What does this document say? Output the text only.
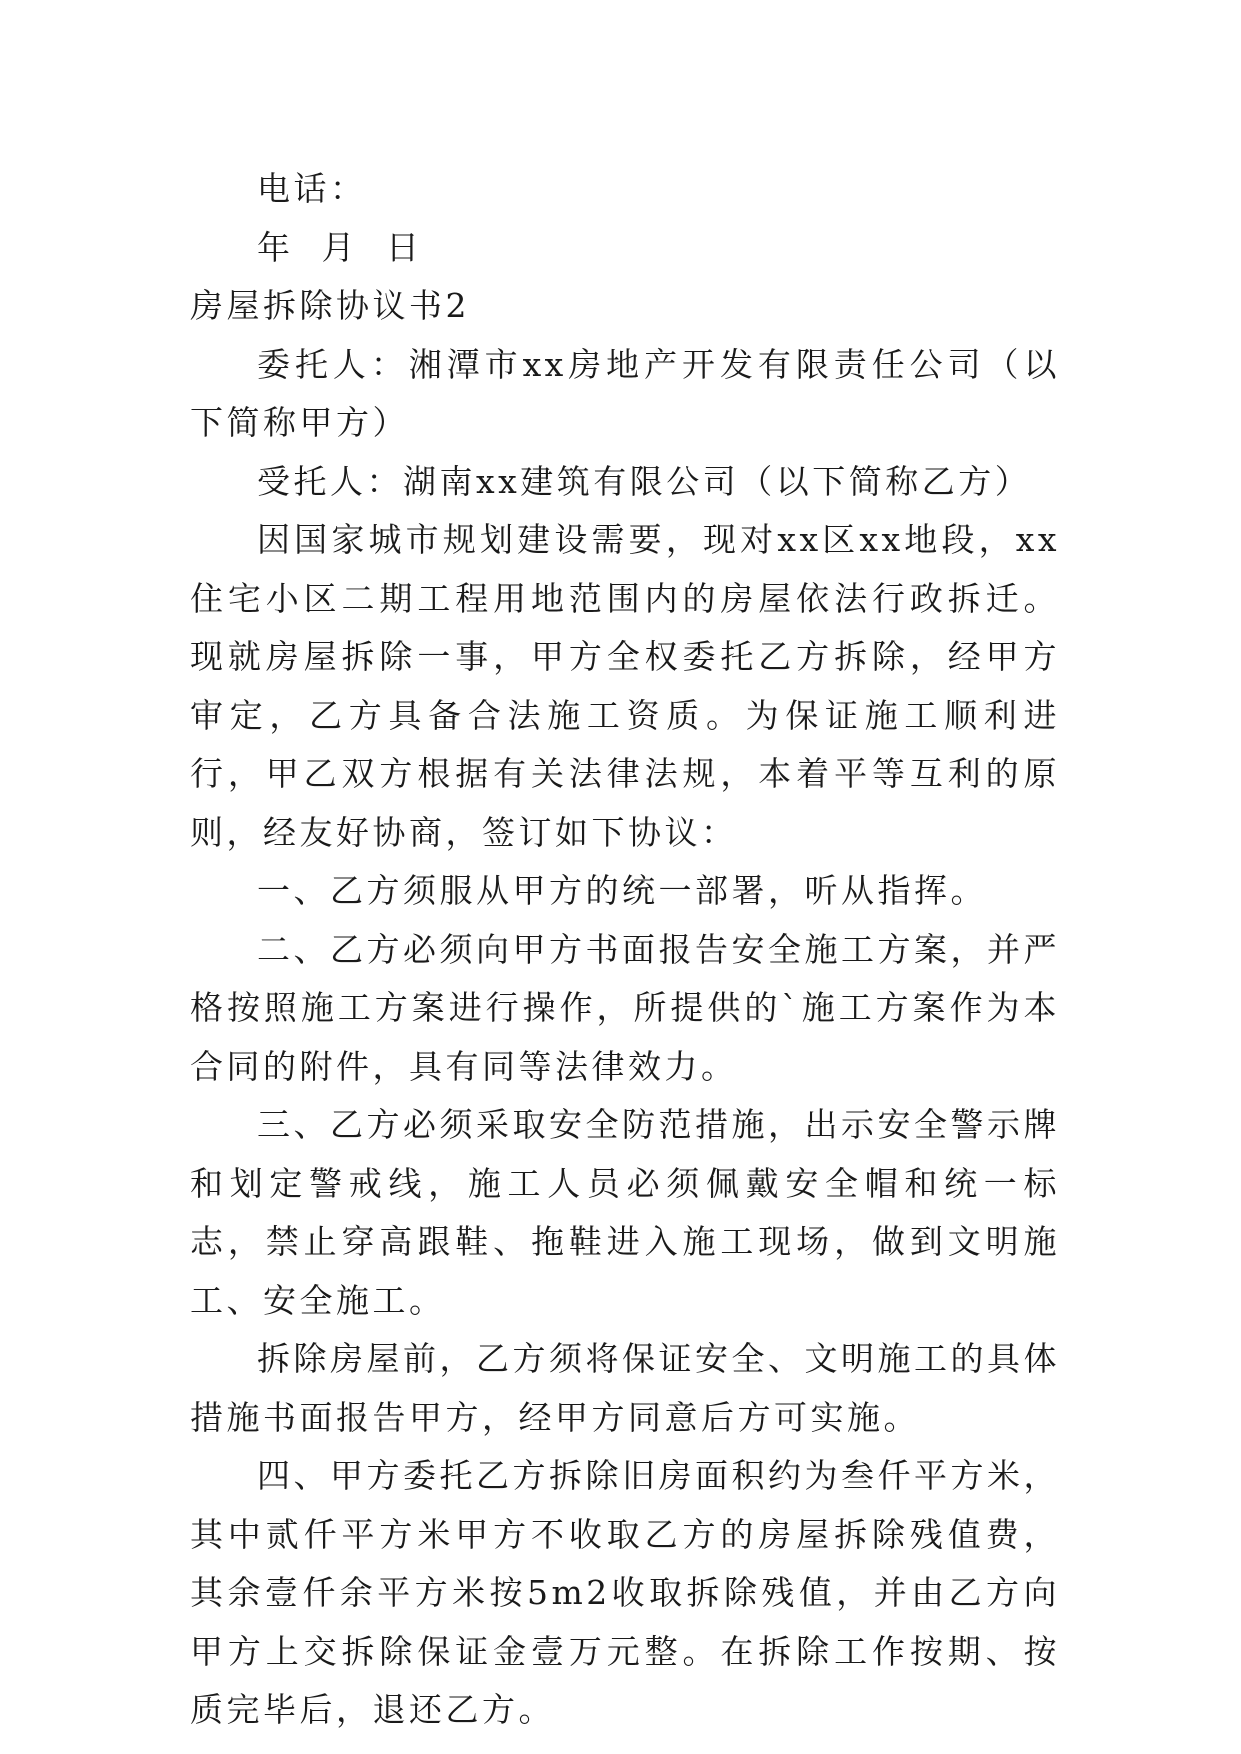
电话：

年 月 日

房屋拆除协议书2

委托人：湘潭市xx房地产开发有限责任公司（以下简称甲方）

受托人：湖南xx建筑有限公司（以下简称乙方）

因国家城市规划建设需要，现对xx区xx地段，xx住宅小区二期工程用地范围内的房屋依法行政拆迁。现就房屋拆除一事，甲方全权委托乙方拆除，经甲方审定，乙方具备合法施工资质。为保证施工顺利进行，甲乙双方根据有关法律法规，本着平等互利的原则，经友好协商，签订如下协议：

一、乙方须服从甲方的统一部署，听从指挥。

二、乙方必须向甲方书面报告安全施工方案，并严格按照施工方案进行操作，所提供的`施工方案作为本合同的附件，具有同等法律效力。

三、乙方必须采取安全防范措施，出示安全警示牌和划定警戒线，施工人员必须佩戴安全帽和统一标志，禁止穿高跟鞋、拖鞋进入施工现场，做到文明施工、安全施工。

拆除房屋前，乙方须将保证安全、文明施工的具体措施书面报告甲方，经甲方同意后方可实施。

四、甲方委托乙方拆除旧房面积约为叁仟平方米，其中贰仟平方米甲方不收取乙方的房屋拆除残值费，其余壹仟余平方米按5m2收取拆除残值，并由乙方向甲方上交拆除保证金壹万元整。在拆除工作按期、按质完毕后，退还乙方。
